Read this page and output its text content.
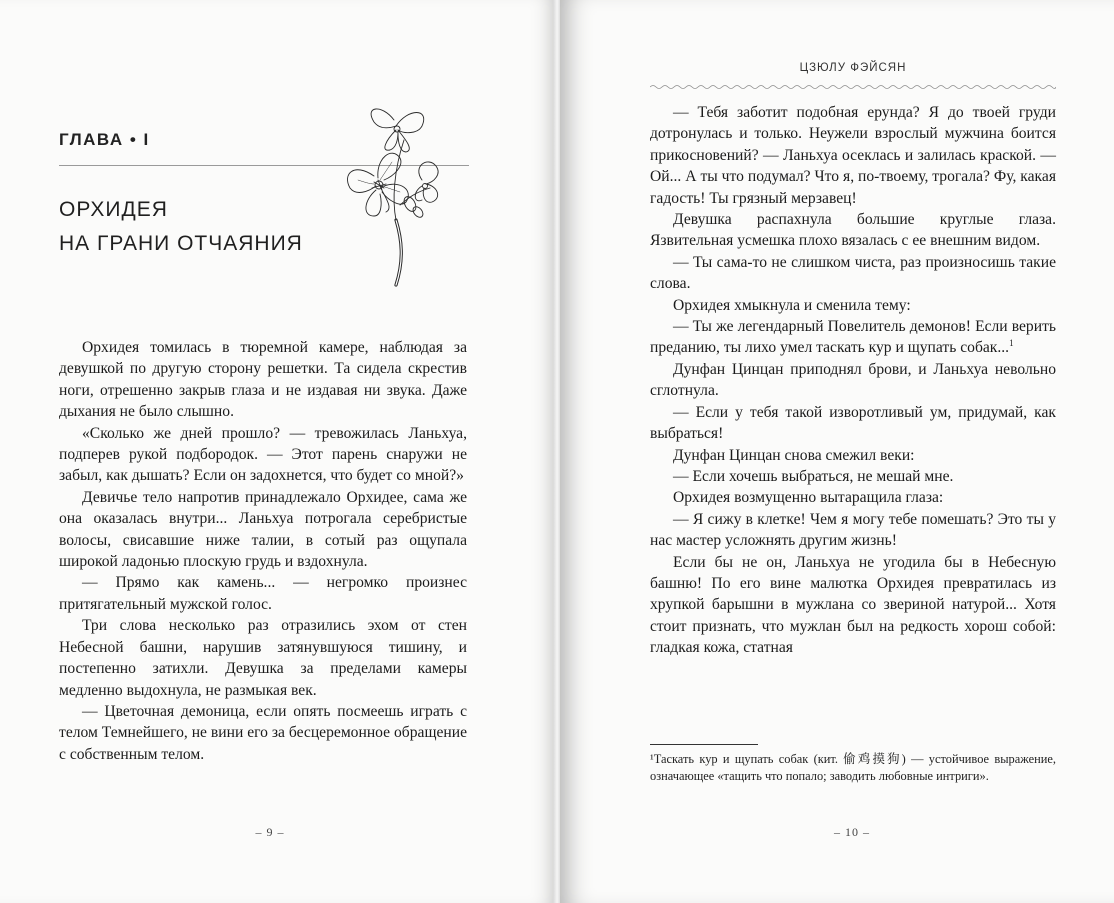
ГЛАВА • I
ОРХИДЕЯ
НА ГРАНИ ОТЧАЯНИЯ

Орхидея томилась в тюремной камере, наблюдая за девушкой по другую сторону решетки. Та сидела скрестив ноги, отрешенно закрыв глаза и не издавая ни звука. Даже дыхания не было слышно.

«Сколько же дней прошло? — тревожилась Ланьхуа, подперев рукой подбородок. — Этот парень снаружи не забыл, как дышать? Если он задохнется, что будет со мной?»

Девичье тело напротив принадлежало Орхидее, сама же она оказалась внутри... Ланьхуа потрогала серебристые волосы, свисавшие ниже талии, в сотый раз ощупала широкой ладонью плоскую грудь и вздохнула.

— Прямо как камень... — негромко произнес притягательный мужской голос.

Три слова несколько раз отразились эхом от стен Небесной башни, нарушив затянувшуюся тишину, и постепенно затихли. Девушка за пределами камеры медленно выдохнула, не размыкая век.

— Цветочная демоница, если опять посмеешь играть с телом Темнейшего, не вини его за бесцеремонное обращение с собственным телом.

– 9 –
ЦЗЮЛУ ФЭЙСЯН

— Тебя заботит подобная ерунда? Я до твоей груди дотронулась и только. Неужели взрослый мужчина боится прикосновений? — Ланьхуа осеклась и залилась краской. — Ой... А ты что подумал? Что я, по-твоему, трогала? Фу, какая гадость! Ты грязный мерзавец!

Девушка распахнула большие круглые глаза. Язвительная усмешка плохо вязалась с ее внешним видом.

— Ты сама-то не слишком чиста, раз произносишь такие слова.

Орхидея хмыкнула и сменила тему:

— Ты же легендарный Повелитель демонов! Если верить преданию, ты лихо умел таскать кур и щупать собак...$^1$

Дунфан Цинцан приподнял брови, и Ланьхуа невольно сглотнула.

— Если у тебя такой изворотливый ум, придумай, как выбраться!

Дунфан Цинцан снова смежил веки:

— Если хочешь выбраться, не мешай мне.

Орхидея возмущенно вытаращила глаза:

— Я сижу в клетке! Чем я могу тебе помешать? Это ты у нас мастер усложнять другим жизнь!

Если бы не он, Ланьхуа не угодила бы в Небесную башню! По его вине малютка Орхидея превратилась из хрупкой барышни в мужлана со звериной натурой... Хотя стоит признать, что мужлан был на редкость хорош собой: гладкая кожа, статная

¹Таскать кур и щупать собак (кит. 偷鸡摸狗) — устойчивое выражение, означающее «тащить что попало; заводить любовные интриги».

– 10 –
